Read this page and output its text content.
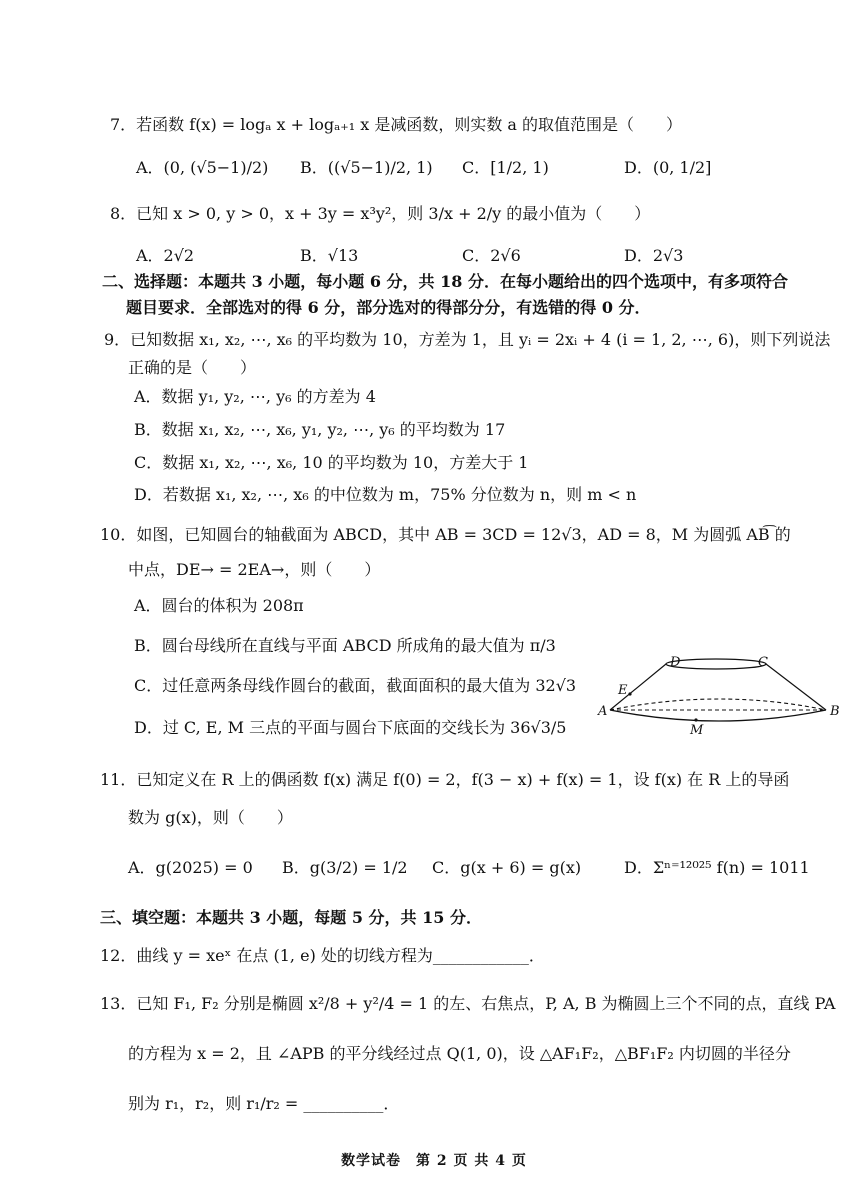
7．若函数 f(x) = logₐ x + logₐ₊₁ x 是减函数，则实数 a 的取值范围是（　　）
A．(0, (√5−1)/2) B．((√5−1)/2, 1) C．[1/2, 1)	D．(0, 1/2]
8．已知 x > 0, y > 0，x + 3y = x³y²，则 3/x + 2/y 的最小值为（　　）
A．2√2	B．√13	C．2√6	D．2√3
二、选择题：本题共 3 小题，每小题 6 分，共 18 分．在每小题给出的四个选项中，有多项符合
题目要求．全部选对的得 6 分，部分选对的得部分分，有选错的得 0 分．
9．已知数据 x₁, x₂, ⋯, x₆ 的平均数为 10，方差为 1，且 yᵢ = 2xᵢ + 4 (i = 1, 2, ⋯, 6)，则下列说法
正确的是（　　）
A．数据 y₁, y₂, ⋯, y₆ 的方差为 4
B．数据 x₁, x₂, ⋯, x₆, y₁, y₂, ⋯, y₆ 的平均数为 17
C．数据 x₁, x₂, ⋯, x₆, 10 的平均数为 10，方差大于 1
D．若数据 x₁, x₂, ⋯, x₆ 的中位数为 m，75% 分位数为 n，则 m < n
10．如图，已知圆台的轴截面为 ABCD，其中 AB = 3CD = 12√3，AD = 8，M 为圆弧 AB͡ 的
中点，DE→ = 2EA→，则（　　）
A．圆台的体积为 208π
B．圆台母线所在直线与平面 ABCD 所成角的最大值为 π/3
C．过任意两条母线作圆台的截面，截面面积的最大值为 32√3
D．过 C, E, M 三点的平面与圆台下底面的交线长为 36√3/5
D	C
E
A	B
M
11．已知定义在 R 上的偶函数 f(x) 满足 f(0) = 2，f(3 − x) + f(x) = 1，设 f(x) 在 R 上的导函
数为 g(x)，则（　　）
A．g(2025) = 0 B．g(3/2) = 1/2 C．g(x + 6) = g(x)	D．Σⁿ⁼¹²⁰²⁵ f(n) = 1011
三、填空题：本题共 3 小题，每题 5 分，共 15 分．
12．曲线 y = xeˣ 在点 (1, e) 处的切线方程为____________．
13．已知 F₁, F₂ 分别是椭圆 x²/8 + y²/4 = 1 的左、右焦点，P, A, B 为椭圆上三个不同的点，直线 PA
的方程为 x = 2，且 ∠APB 的平分线经过点 Q(1, 0)，设 △AF₁F₂，△BF₁F₂ 内切圆的半径分
别为 r₁，r₂，则 r₁/r₂ = __________．
数学试卷　第 2 页 共 4 页
